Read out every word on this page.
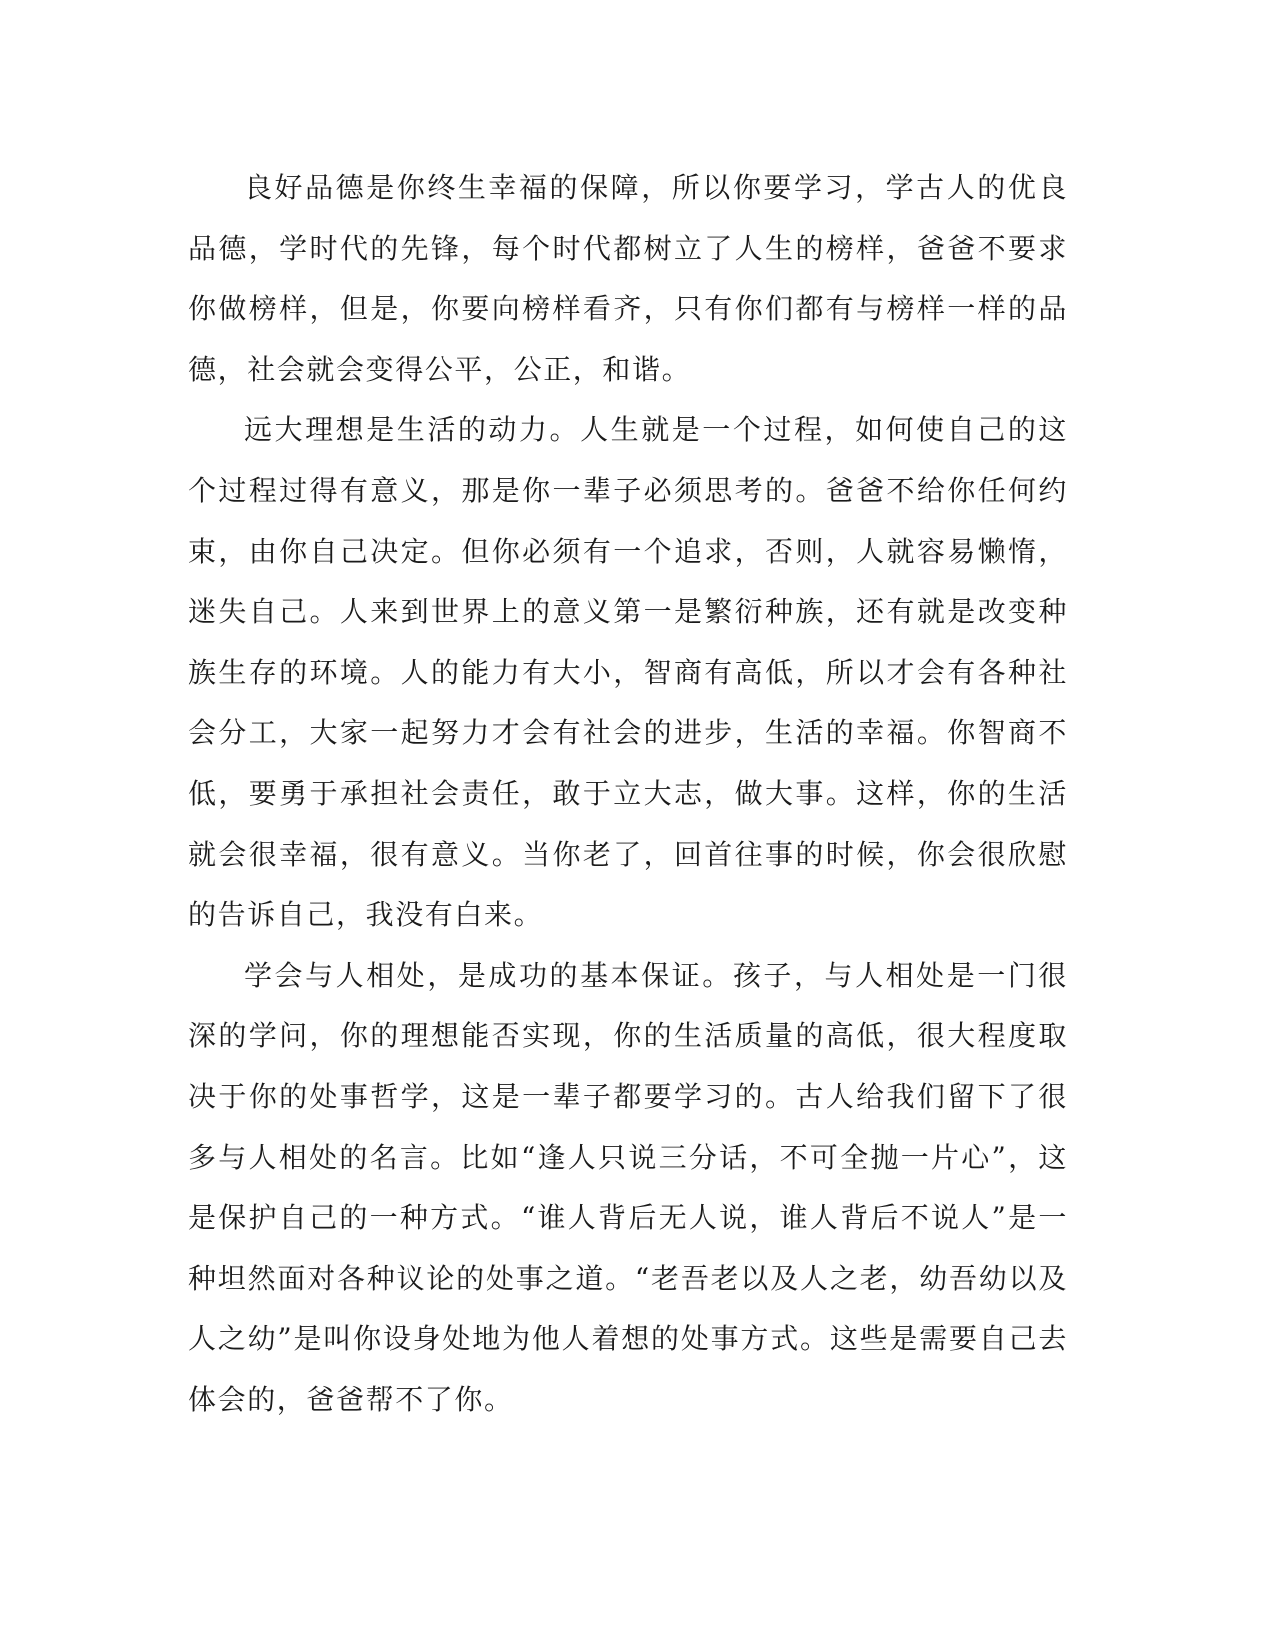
良好品德是你终生幸福的保障，所以你要学习，学古人的优良品德，学时代的先锋，每个时代都树立了人生的榜样，爸爸不要求你做榜样，但是，你要向榜样看齐，只有你们都有与榜样一样的品德，社会就会变得公平，公正，和谐。

远大理想是生活的动力。人生就是一个过程，如何使自己的这个过程过得有意义，那是你一辈子必须思考的。爸爸不给你任何约束，由你自己决定。但你必须有一个追求，否则，人就容易懒惰，迷失自己。人来到世界上的意义第一是繁衍种族，还有就是改变种族生存的环境。人的能力有大小，智商有高低，所以才会有各种社会分工，大家一起努力才会有社会的进步，生活的幸福。你智商不低，要勇于承担社会责任，敢于立大志，做大事。这样，你的生活就会很幸福，很有意义。当你老了，回首往事的时候，你会很欣慰的告诉自己，我没有白来。

学会与人相处，是成功的基本保证。孩子，与人相处是一门很深的学问，你的理想能否实现，你的生活质量的高低，很大程度取决于你的处事哲学，这是一辈子都要学习的。古人给我们留下了很多与人相处的名言。比如“逢人只说三分话，不可全抛一片心”，这是保护自己的一种方式。“谁人背后无人说，谁人背后不说人”是一种坦然面对各种议论的处事之道。“老吾老以及人之老，幼吾幼以及人之幼”是叫你设身处地为他人着想的处事方式。这些是需要自己去体会的，爸爸帮不了你。
